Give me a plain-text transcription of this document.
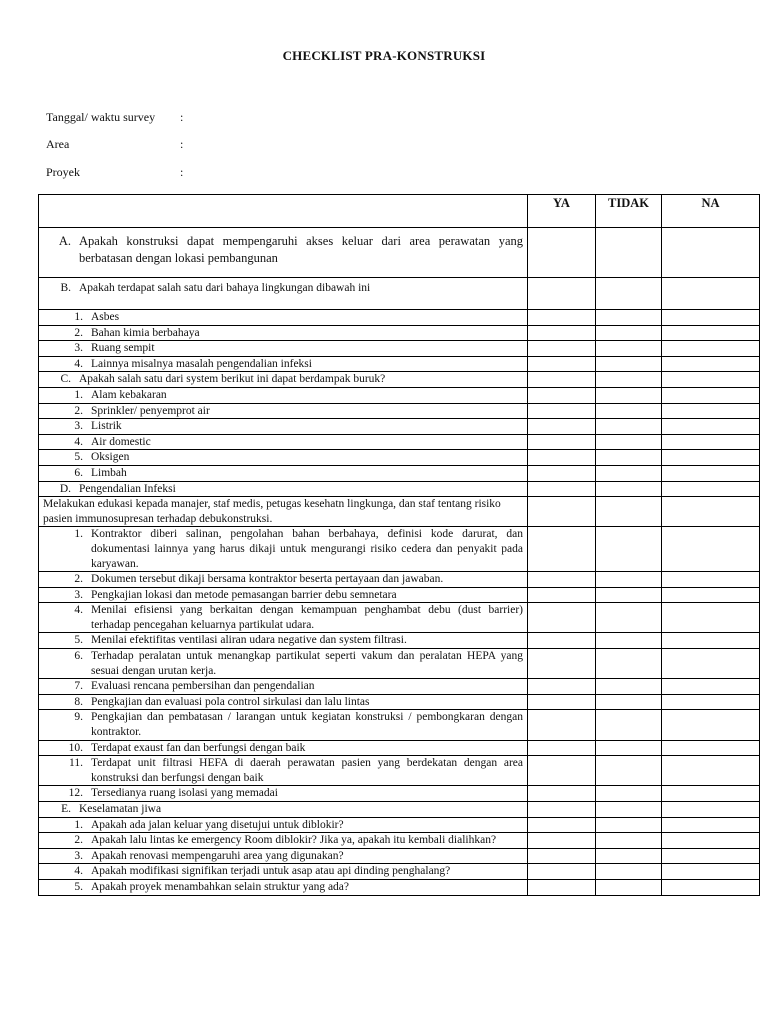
CHECKLIST PRA-KONSTRUKSI
Tanggal/ waktu survey :
Area	:
Proyek	:
	YA	TIDAK	NA

A. Apakah konstruksi dapat mempengaruhi akses keluar dari area perawatan yang berbatasan dengan lokasi pembangunan			

B. Apakah terdapat salah satu dari bahaya lingkungan dibawah ini			

1. Asbes			

2. Bahan kimia berbahaya			

3. Ruang sempit			

4. Lainnya misalnya masalah pengendalian infeksi			

C. Apakah salah satu dari system berikut ini dapat berdampak buruk?			

1. Alam kebakaran			

2. Sprinkler/ penyemprot air			

3. Listrik			

4. Air domestic			

5. Oksigen			

6. Limbah			

D. Pengendalian Infeksi			

Melakukan edukasi kepada manajer, staf medis, petugas kesehatn lingkunga, dan staf tentang risiko pasien immunosupresan terhadap debukonstruksi.			

1. Kontraktor diberi salinan, pengolahan bahan berbahaya, definisi kode darurat, dan dokumentasi lainnya yang harus dikaji untuk mengurangi risiko cedera dan penyakit pada karyawan.			

2. Dokumen tersebut dikaji bersama kontraktor beserta pertayaan dan jawaban.			

3. Pengkajian lokasi dan metode pemasangan barrier debu semnetara			

4. Menilai efisiensi yang berkaitan dengan kemampuan penghambat debu (dust barrier) terhadap pencegahan keluarnya partikulat udara.			

5. Menilai efektifitas ventilasi aliran udara negative dan system filtrasi.			

6. Terhadap peralatan untuk menangkap partikulat seperti vakum dan peralatan HEPA yang sesuai dengan urutan kerja.			

7. Evaluasi rencana pembersihan dan pengendalian			

8. Pengkajian dan evaluasi pola control sirkulasi dan lalu lintas			

9. Pengkajian dan pembatasan / larangan untuk kegiatan konstruksi / pembongkaran dengan kontraktor.			

10. Terdapat exaust fan dan berfungsi dengan baik			

11. Terdapat unit filtrasi HEFA di daerah perawatan pasien yang berdekatan dengan area konstruksi dan berfungsi dengan baik			

12. Tersedianya ruang isolasi yang memadai			

E. Keselamatan jiwa			

1. Apakah ada jalan keluar yang disetujui untuk diblokir?			

2. Apakah lalu lintas ke emergency Room diblokir? Jika ya, apakah itu kembali dialihkan?			

3. Apakah renovasi mempengaruhi area yang digunakan?			

4. Apakah modifikasi signifikan terjadi untuk asap atau api dinding penghalang?			

5. Apakah proyek menambahkan selain struktur yang ada?			
